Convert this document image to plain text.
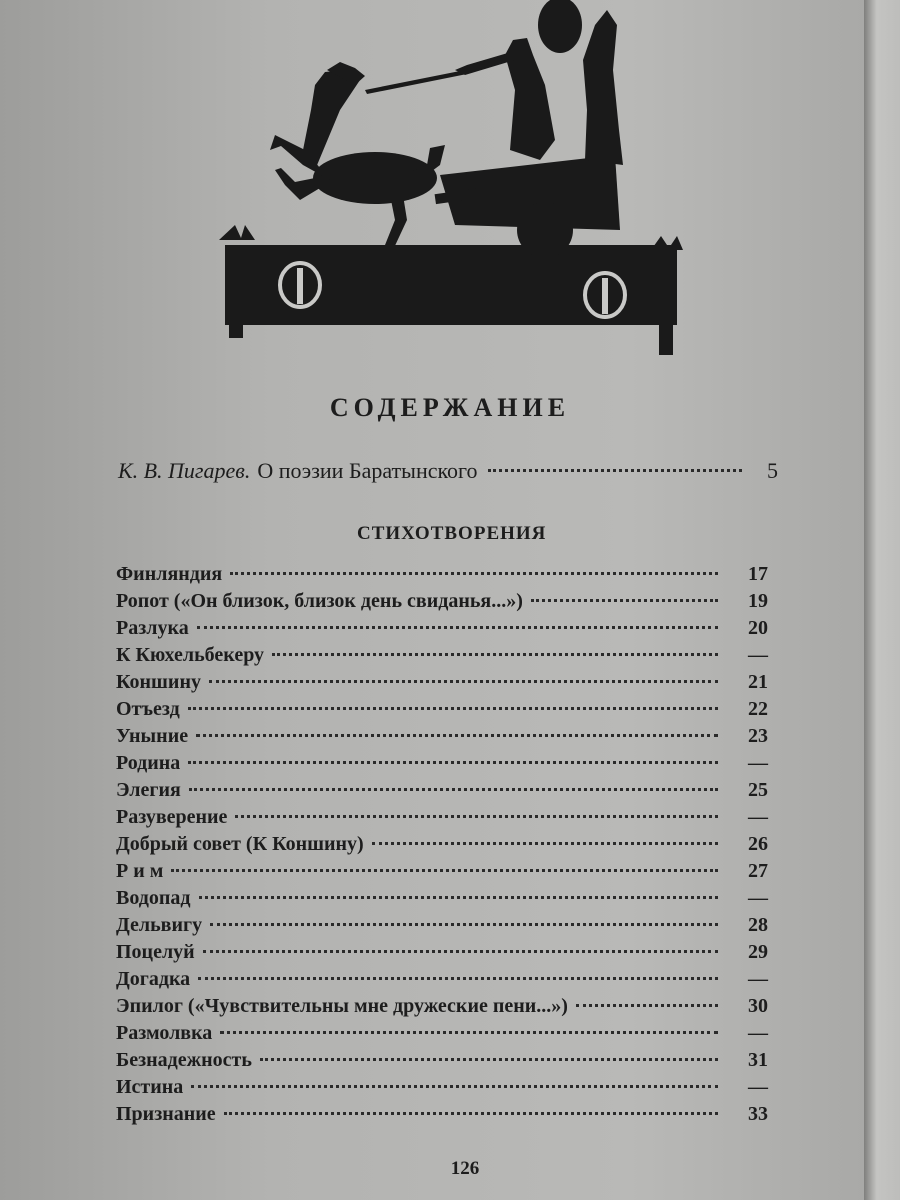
СОДЕРЖАНИЕ
К. В. Пигарев. О поэзии Баратынского	5
СТИХОТВОРЕНИЯ
Финляндия	17
Ропот («Он близок, близок день свиданья...»)	19
Разлука	20
К Кюхельбекеру	—
Коншину	21
Отъезд	22
Уныние	23
Родина	—
Элегия	25
Разуверение	—
Добрый совет (К Коншину)	26
Р и м	27
Водопад	—
Дельвигу	28
Поцелуй	29
Догадка	—
Эпилог («Чувствительны мне дружеские пени...»)	30
Размолвка	—
Безнадежность	31
Истина	—
Признание	33
126
